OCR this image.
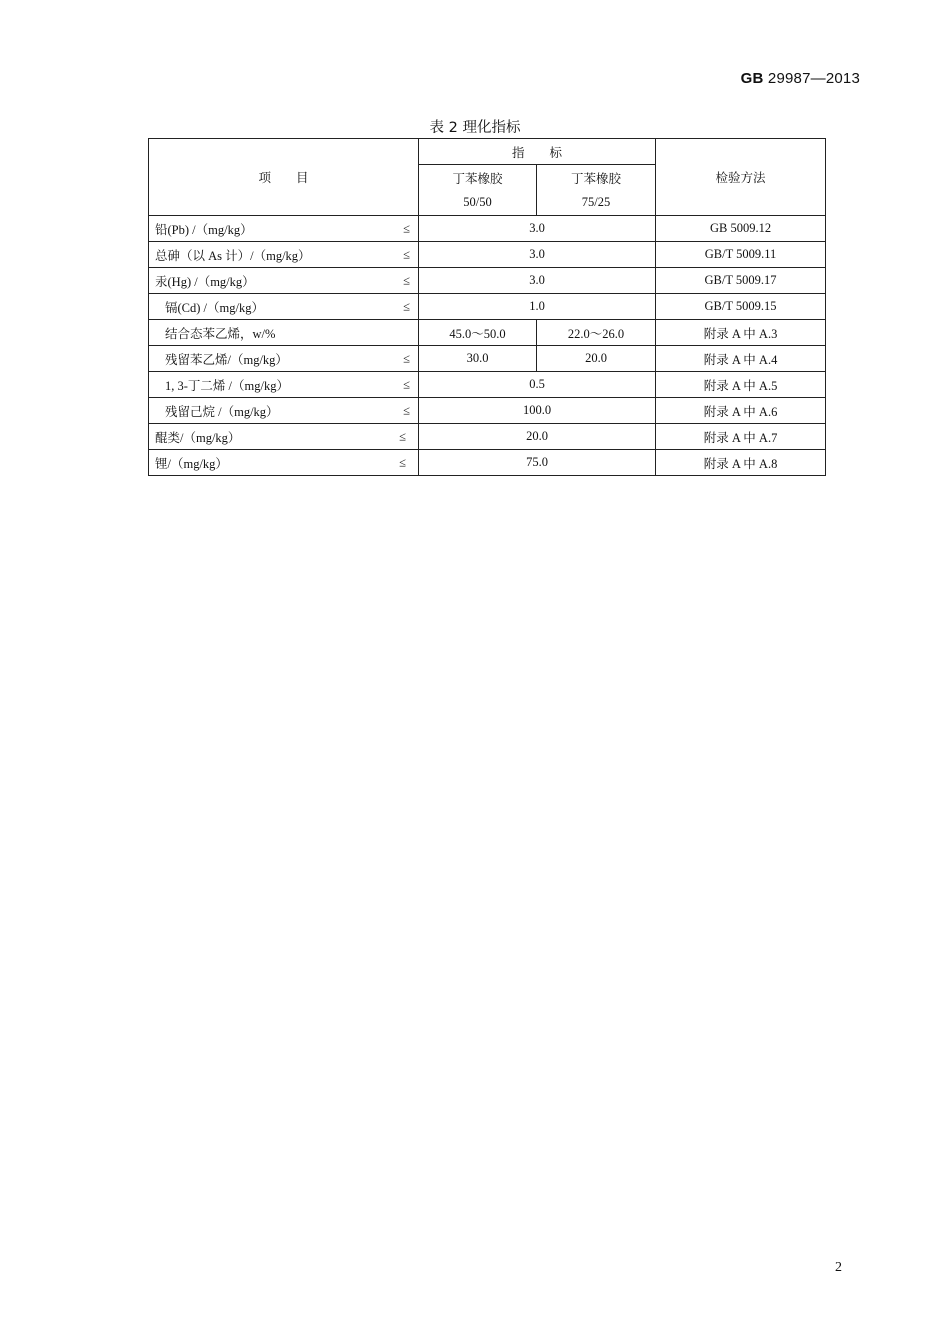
GB 29987—2013
表 2 理化指标
项　　目	指　　标		检验方法
	丁苯橡胶	丁苯橡胶	
	50/50	75/25	
铅(Pb) /（mg/kg） ≤	3.0		GB 5009.12
总砷（以 As 计）/（mg/kg） ≤	3.0		GB/T 5009.11
汞(Hg) /（mg/kg） ≤	3.0		GB/T 5009.17
镉(Cd) /（mg/kg） ≤	1.0		GB/T 5009.15
结合态苯乙烯，w/%	45.0～50.0	22.0～26.0	附录 A 中 A.3
残留苯乙烯/（mg/kg） ≤	30.0	20.0	附录 A 中 A.4
1, 3-丁二烯 /（mg/kg） ≤	0.5		附录 A 中 A.5
残留己烷 /（mg/kg） ≤	100.0		附录 A 中 A.6
醌类/（mg/kg） ≤	20.0		附录 A 中 A.7
锂/（mg/kg） ≤	75.0		附录 A 中 A.8
2
